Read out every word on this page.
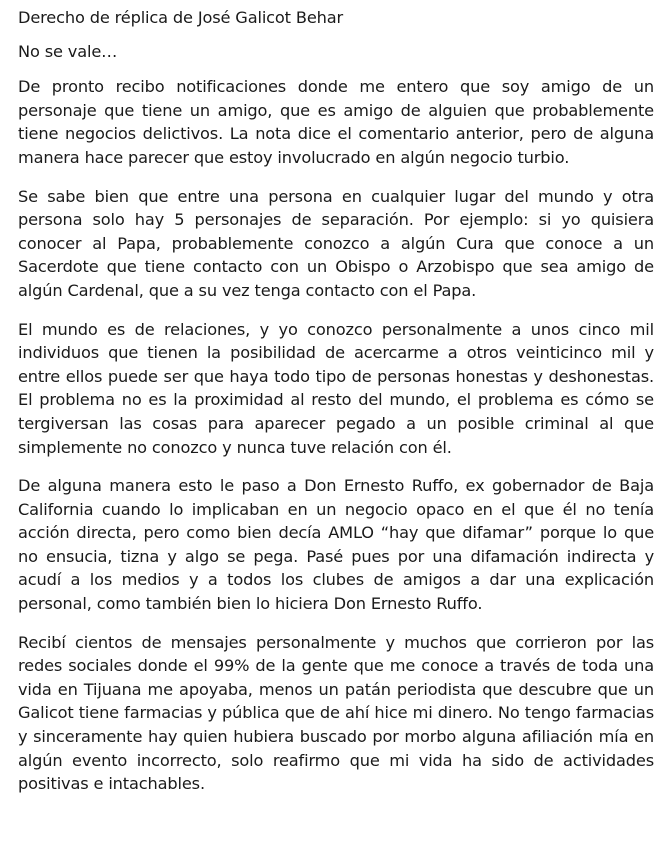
Derecho de réplica de José Galicot Behar

No se vale…

De pronto recibo notificaciones donde me entero que soy amigo de un personaje que tiene un amigo, que es amigo de alguien que probablemente tiene negocios delictivos. La nota dice el comentario anterior, pero de alguna manera hace parecer que estoy involucrado en algún negocio turbio.

Se sabe bien que entre una persona en cualquier lugar del mundo y otra persona solo hay 5 personajes de separación. Por ejemplo: si yo quisiera conocer al Papa, probablemente conozco a algún Cura que conoce a un Sacerdote que tiene contacto con un Obispo o Arzobispo que sea amigo de algún Cardenal, que a su vez tenga contacto con el Papa.

El mundo es de relaciones, y yo conozco personalmente a unos cinco mil individuos que tienen la posibilidad de acercarme a otros veinticinco mil y entre ellos puede ser que haya todo tipo de personas honestas y deshonestas. El problema no es la proximidad al resto del mundo, el problema es cómo se tergiversan las cosas para aparecer pegado a un posible criminal al que simplemente no conozco y nunca tuve relación con él.

De alguna manera esto le paso a Don Ernesto Ruffo, ex gobernador de Baja California cuando lo implicaban en un negocio opaco en el que él no tenía acción directa, pero como bien decía AMLO “hay que difamar” porque lo que no ensucia, tizna y algo se pega. Pasé pues por una difamación indirecta y acudí a los medios y a todos los clubes de amigos a dar una explicación personal, como también bien lo hiciera Don Ernesto Ruffo.

Recibí cientos de mensajes personalmente y muchos que corrieron por las redes sociales donde el 99% de la gente que me conoce a través de toda una vida en Tijuana me apoyaba, menos un patán periodista que descubre que un Galicot tiene farmacias y pública que de ahí hice mi dinero. No tengo farmacias y sinceramente hay quien hubiera buscado por morbo alguna afiliación mía en algún evento incorrecto, solo reafirmo que mi vida ha sido de actividades positivas e intachables.
